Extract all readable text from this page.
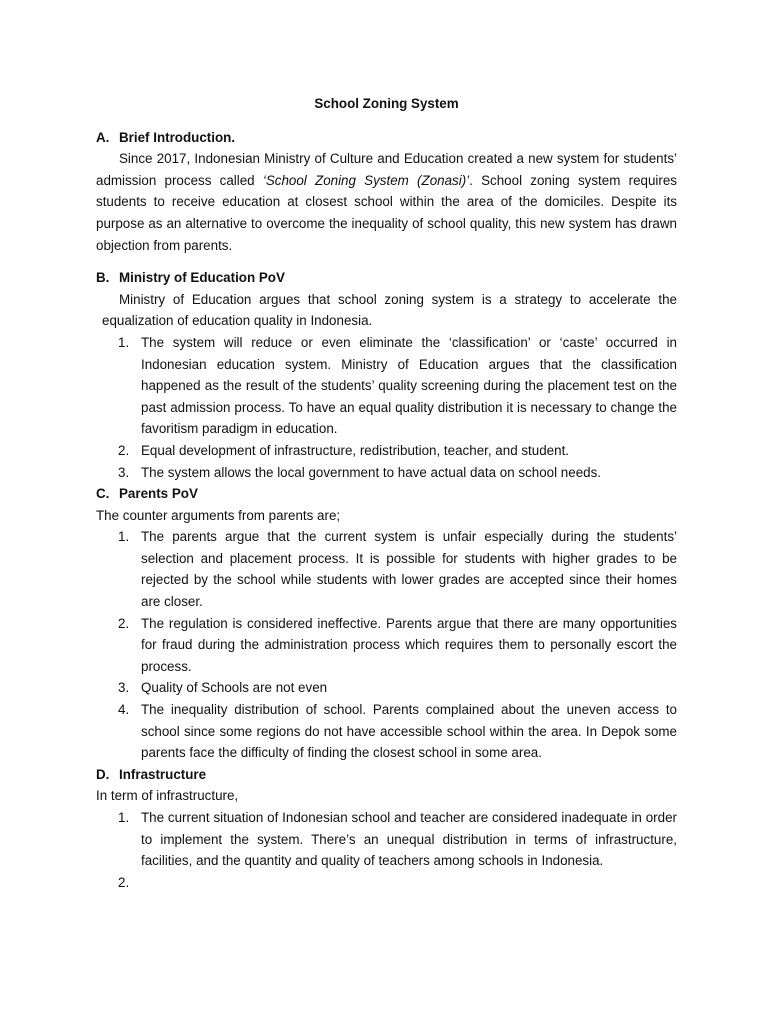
School Zoning System

A. Brief Introduction.

Since 2017, Indonesian Ministry of Culture and Education created a new system for students’ admission process called ‘School Zoning System (Zonasi)’. School zoning system requires students to receive education at closest school within the area of the domiciles. Despite its purpose as an alternative to overcome the inequality of school quality, this new system has drawn objection from parents.

B. Ministry of Education PoV

Ministry of Education argues that school zoning system is a strategy to accelerate the equalization of education quality in Indonesia.

1. The system will reduce or even eliminate the ‘classification’ or ‘caste’ occurred in Indonesian education system. Ministry of Education argues that the classification happened as the result of the students’ quality screening during the placement test on the past admission process. To have an equal quality distribution it is necessary to change the favoritism paradigm in education.
2. Equal development of infrastructure, redistribution, teacher, and student.
3. The system allows the local government to have actual data on school needs.
C. Parents PoV

The counter arguments from parents are;

1. The parents argue that the current system is unfair especially during the students’ selection and placement process. It is possible for students with higher grades to be rejected by the school while students with lower grades are accepted since their homes are closer.
2. The regulation is considered ineffective. Parents argue that there are many opportunities for fraud during the administration process which requires them to personally escort the process.
3. Quality of Schools are not even
4. The inequality distribution of school. Parents complained about the uneven access to school since some regions do not have accessible school within the area. In Depok some parents face the difficulty of finding the closest school in some area.
D. Infrastructure

In term of infrastructure,

1. The current situation of Indonesian school and teacher are considered inadequate in order to implement the system. There’s an unequal distribution in terms of infrastructure, facilities, and the quantity and quality of teachers among schools in Indonesia.
2.
